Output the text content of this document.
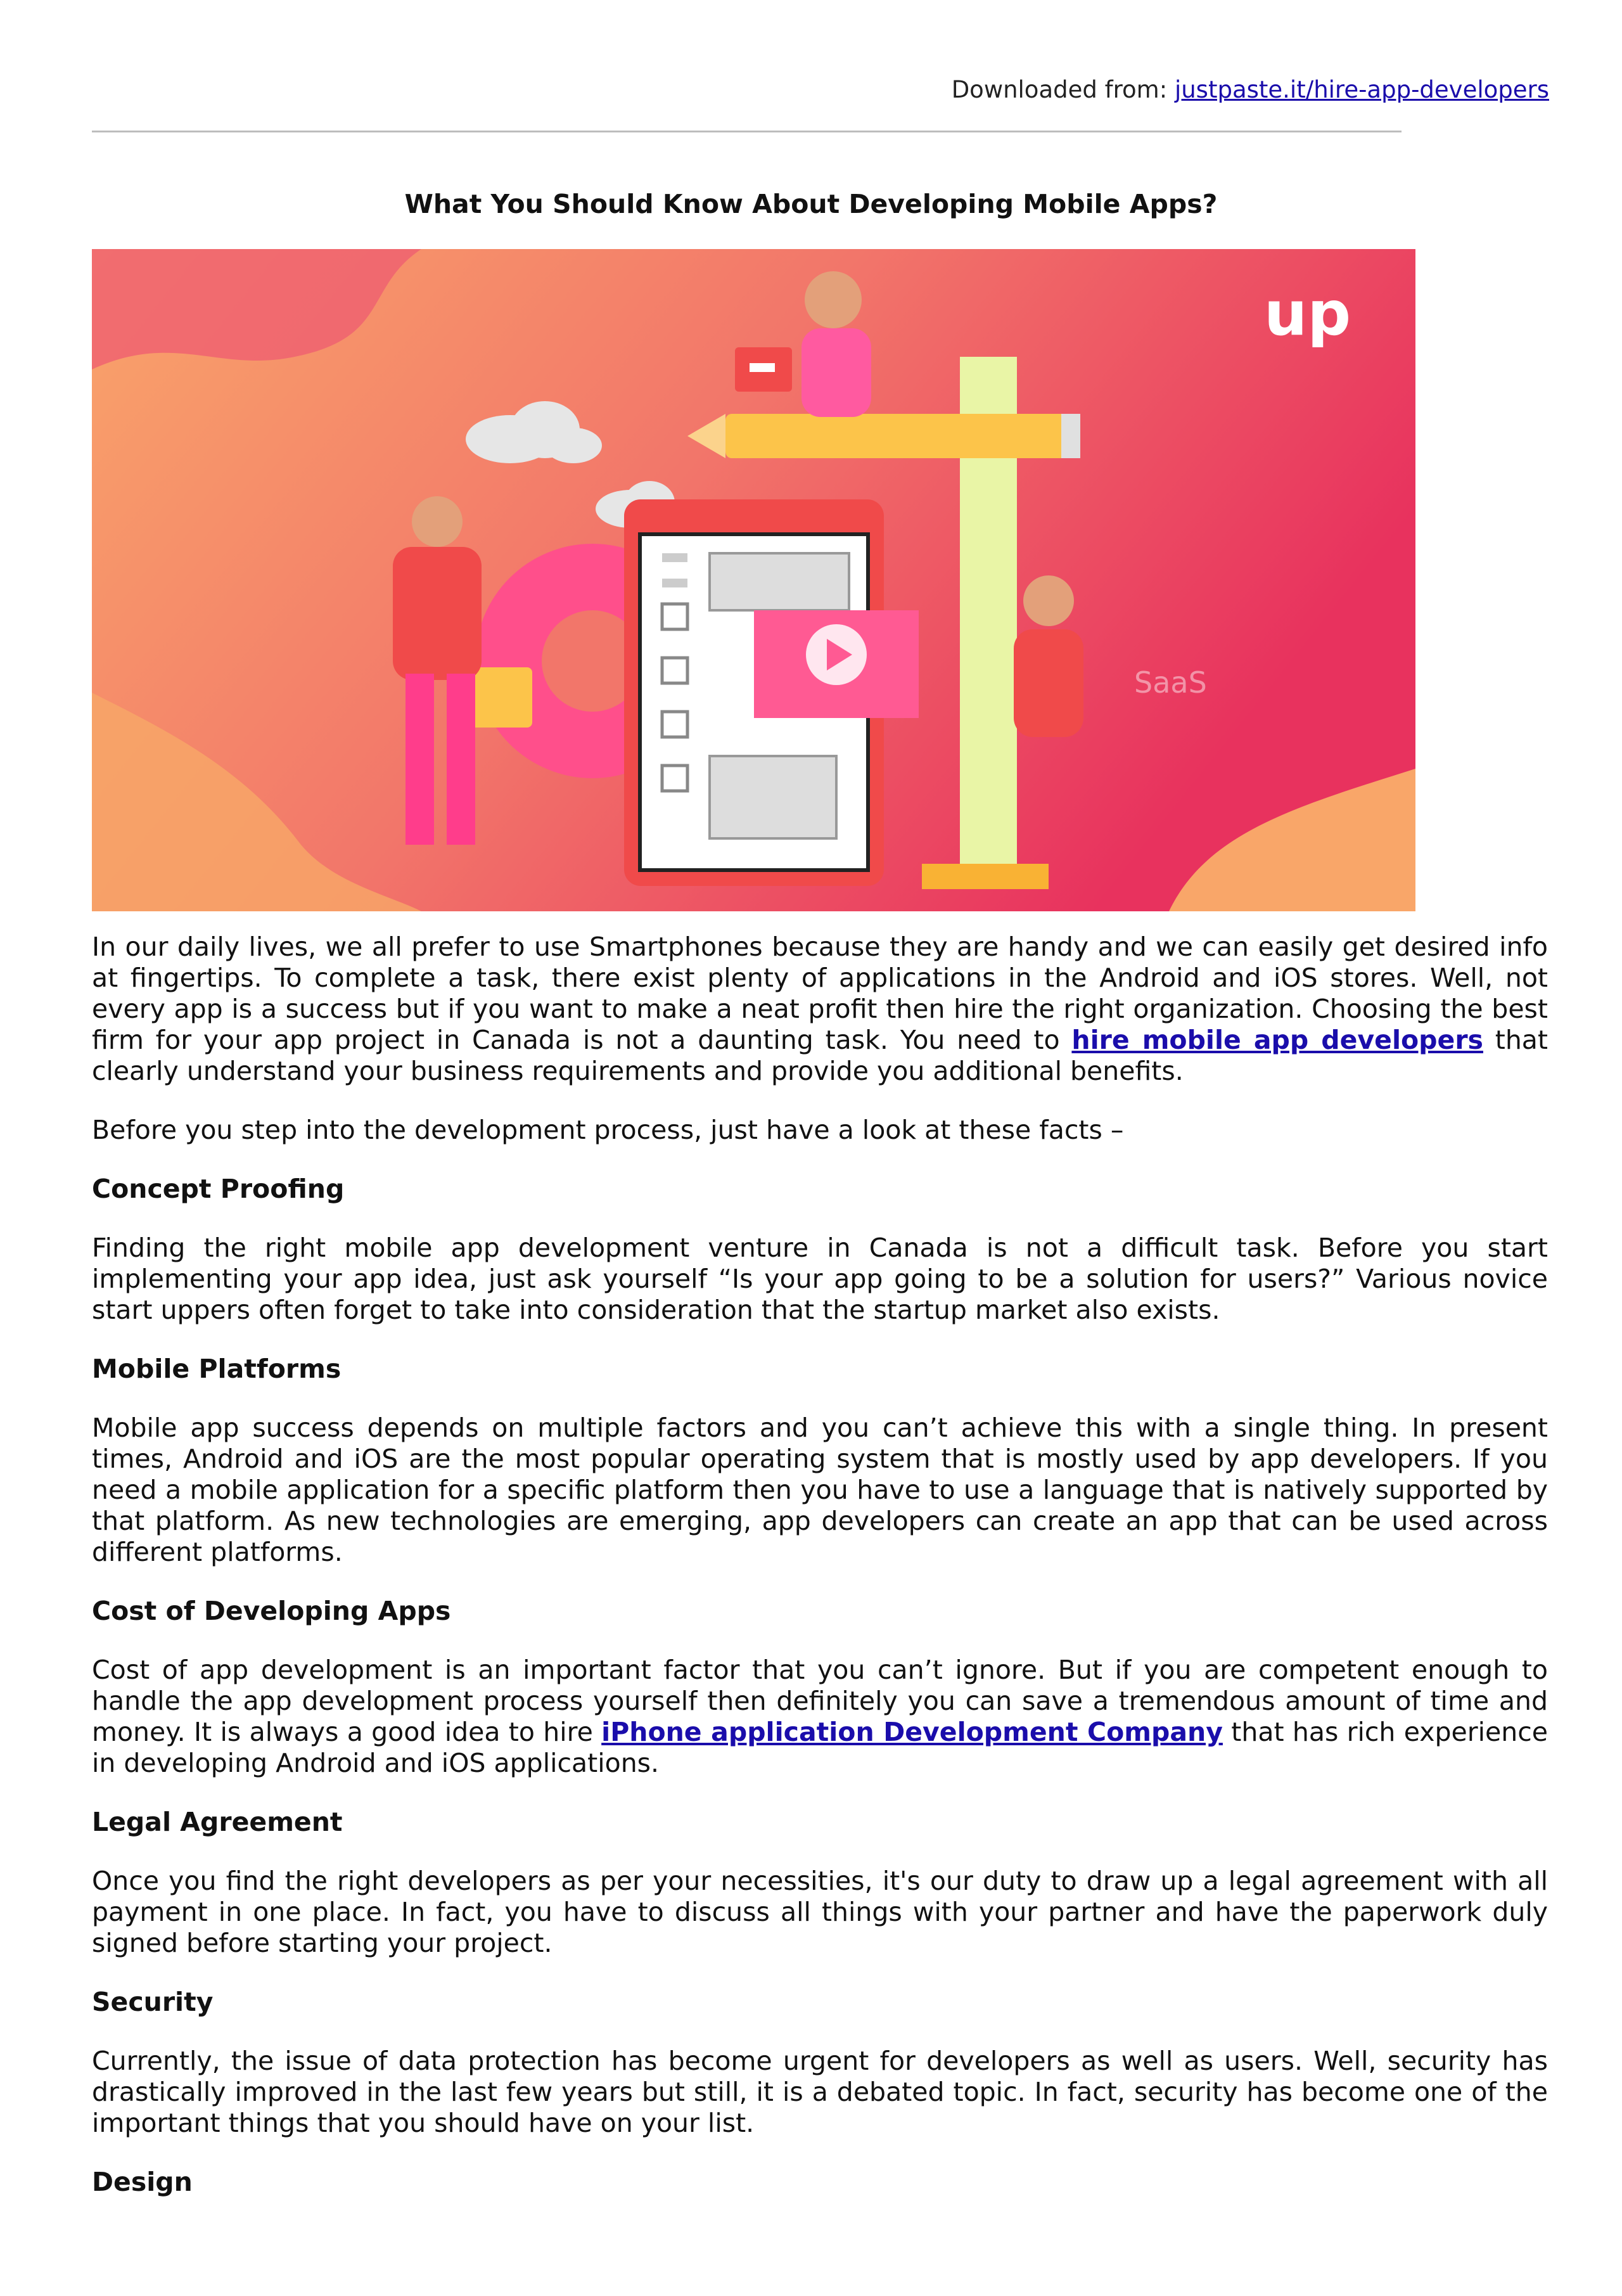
Downloaded from: justpaste.it/hire-app-developers
What You Should Know About Developing Mobile Apps?
up
SaaS

In our daily lives, we all prefer to use Smartphones because they are handy and we can easily get desired info at fingertips. To complete a task, there exist plenty of applications in the Android and iOS stores. Well, not every app is a success but if you want to make a neat profit then hire the right organization. Choosing the best firm for your app project in Canada is not a daunting task. You need to hire mobile app developers that clearly understand your business requirements and provide you additional benefits.

Before you step into the development process, just have a look at these facts –

Concept Proofing

Finding the right mobile app development venture in Canada is not a difficult task. Before you start implementing your app idea, just ask yourself “Is your app going to be a solution for users?” Various novice start uppers often forget to take into consideration that the startup market also exists.

Mobile Platforms

Mobile app success depends on multiple factors and you can’t achieve this with a single thing. In present times, Android and iOS are the most popular operating system that is mostly used by app developers. If you need a mobile application for a specific platform then you have to use a language that is natively supported by that platform. As new technologies are emerging, app developers can create an app that can be used across different platforms.

Cost of Developing Apps

Cost of app development is an important factor that you can’t ignore. But if you are competent enough to handle the app development process yourself then definitely you can save a tremendous amount of time and money. It is always a good idea to hire iPhone application Development Company that has rich experience in developing Android and iOS applications.

Legal Agreement

Once you find the right developers as per your necessities, it's our duty to draw up a legal agreement with all payment in one place. In fact, you have to discuss all things with your partner and have the paperwork duly signed before starting your project.

Security

Currently, the issue of data protection has become urgent for developers as well as users. Well, security has drastically improved in the last few years but still, it is a debated topic. In fact, security has become one of the important things that you should have on your list.

Design
